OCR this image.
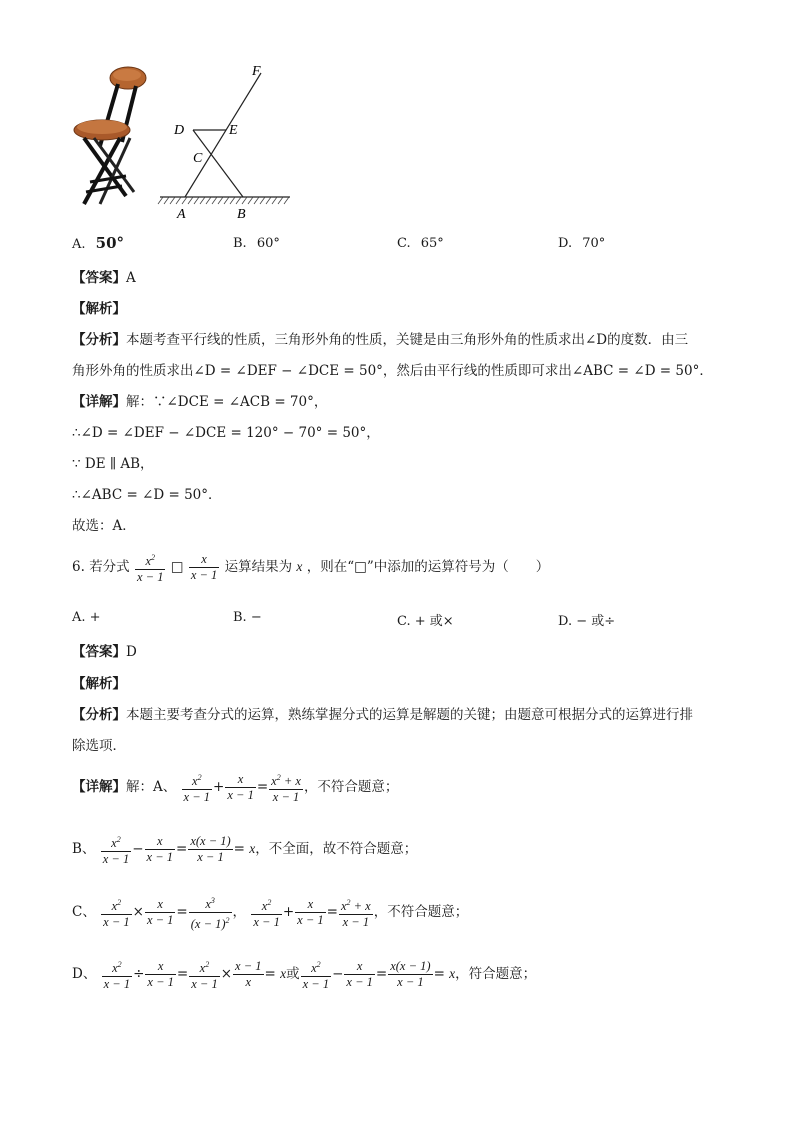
F
D	E
C
A	B
A. 50°	B. 60°	C. 65°	D. 70°
【答案】A
【解析】
【分析】本题考查平行线的性质，三角形外角的性质，关键是由三角形外角的性质求出∠D的度数．由三
角形外角的性质求出∠D = ∠DEF − ∠DCE = 50°，然后由平行线的性质即可求出∠ABC = ∠D = 50°．
【详解】解：∵∠DCE = ∠ACB = 70°，
∴∠D = ∠DEF − ∠DCE = 120° − 70° = 50°，
∵ DE ∥ AB，
∴∠ABC = ∠D = 50°．
故选：A．
6. 若分式 $\frac{x^2}{x - 1}$ □ $\frac{x}{x - 1}$ 运算结果为 x ，则在“□”中添加的运算符号为（　　）
A. +	B. −	C. + 或×	D. − 或÷
【答案】D
【解析】
【分析】本题主要考查分式的运算，熟练掌握分式的运算是解题的关键；由题意可根据分式的运算进行排
除选项．
【详解】解：A、 $\frac{x^2}{x - 1} + \frac{x}{x - 1} = \frac{x^2 + x}{x - 1}$ ，不符合题意；
B、 $\frac{x^2}{x - 1} - \frac{x}{x - 1} = \frac{x(x - 1)}{x - 1} = x$，不全面，故不符合题意；
C、 $\frac{x^2}{x - 1} \times \frac{x}{x - 1} = \frac{x^3}{(x - 1)^2}$ ， $\frac{x^2}{x - 1} + \frac{x}{x - 1} = \frac{x^2 + x}{x - 1}$ ，不符合题意；
D、 $\frac{x^2}{x - 1} \div \frac{x}{x - 1} = \frac{x^2}{x - 1} \times \frac{x - 1}{x} = x$或 $\frac{x^2}{x - 1} - \frac{x}{x - 1} = \frac{x(x - 1)}{x - 1} = x$，符合题意；
